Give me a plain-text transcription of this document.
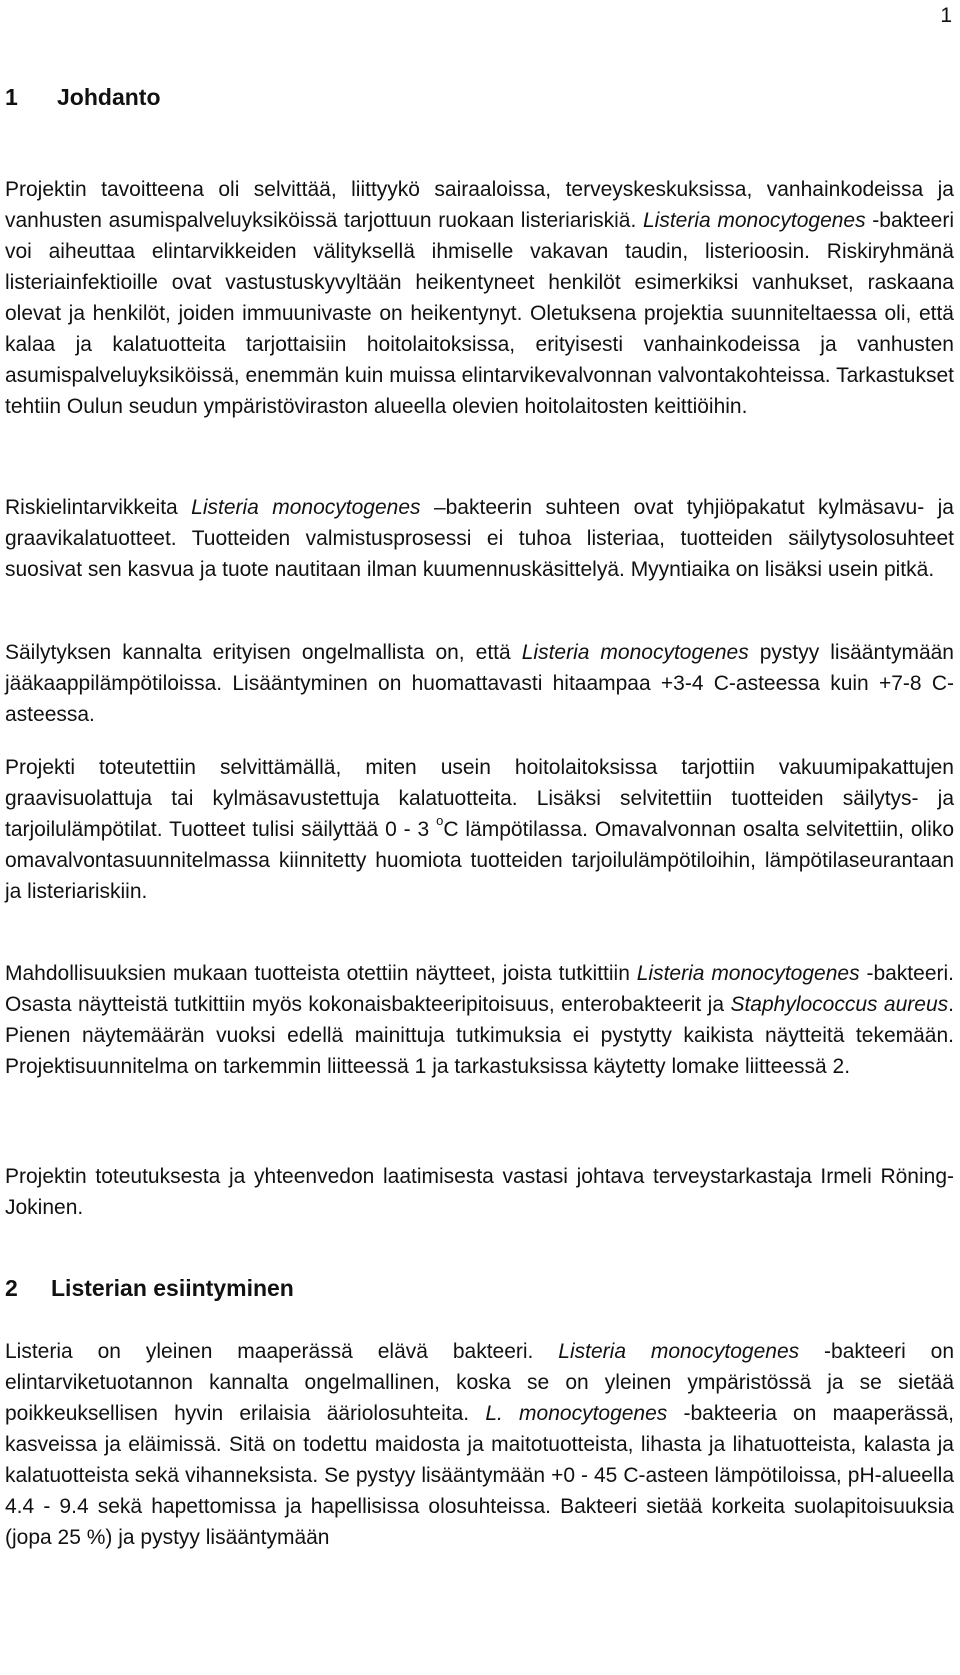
1
1	Johdanto

Projektin tavoitteena oli selvittää, liittyykö sairaaloissa, terveyskeskuksissa, vanhainkodeissa ja vanhusten asumispalveluyksiköissä tarjottuun ruokaan listeriariskiä. Listeria monocytogenes -bakteeri voi aiheuttaa elintarvikkeiden välityksellä ihmiselle vakavan taudin, listerioosin. Riskiryhmänä listeriainfektioille ovat vastustuskyvyltään heikentyneet henkilöt esimerkiksi vanhukset, raskaana olevat ja henkilöt, joiden immuunivaste on heikentynyt. Oletuksena projektia suunniteltaessa oli, että kalaa ja kalatuotteita tarjottaisiin hoitolaitoksissa, erityisesti vanhainkodeissa ja vanhusten asumispalveluyksiköissä, enemmän kuin muissa elintarvikevalvonnan valvontakohteissa. Tarkastukset tehtiin Oulun seudun ympäristöviraston alueella olevien hoitolaitosten keittiöihin.

Riskielintarvikkeita Listeria monocytogenes –bakteerin suhteen ovat tyhjiöpakatut kylmäsavu- ja graavikalatuotteet. Tuotteiden valmistusprosessi ei tuhoa listeriaa, tuotteiden säilytysolosuhteet suosivat sen kasvua ja tuote nautitaan ilman kuumennuskäsittelyä. Myyntiaika on lisäksi usein pitkä.

Säilytyksen kannalta erityisen ongelmallista on, että Listeria monocytogenes pystyy lisääntymään jääkaappilämpötiloissa. Lisääntyminen on huomattavasti hitaampaa +3-4 C-asteessa kuin +7-8 C-asteessa.

Projekti toteutettiin selvittämällä, miten usein hoitolaitoksissa tarjottiin vakuumipakattujen graavisuolattuja tai kylmäsavustettuja kalatuotteita. Lisäksi selvitettiin tuotteiden säilytys- ja tarjoilulämpötilat. Tuotteet tulisi säilyttää 0 - 3 $^o$C lämpötilassa. Omavalvonnan osalta selvitettiin, oliko omavalvontasuunnitelmassa kiinnitetty huomiota tuotteiden tarjoilulämpötiloihin, lämpötilaseurantaan ja listeriariskiin.

Mahdollisuuksien mukaan tuotteista otettiin näytteet, joista tutkittiin Listeria monocytogenes -bakteeri. Osasta näytteistä tutkittiin myös kokonaisbakteeripitoisuus, enterobakteerit ja Staphylococcus aureus. Pienen näytemäärän vuoksi edellä mainittuja tutkimuksia ei pystytty kaikista näytteitä tekemään. Projektisuunnitelma on tarkemmin liitteessä 1 ja tarkastuksissa käytetty lomake liitteessä 2.

Projektin toteutuksesta ja yhteenvedon laatimisesta vastasi johtava terveystarkastaja Irmeli Röning-Jokinen.

2	Listerian esiintyminen

Listeria on yleinen maaperässä elävä bakteeri. Listeria monocytogenes -bakteeri on elintarviketuotannon kannalta ongelmallinen, koska se on yleinen ympäristössä ja se sietää poikkeuksellisen hyvin erilaisia ääriolosuhteita. L. monocytogenes -bakteeria on maaperässä, kasveissa ja eläimissä. Sitä on todettu maidosta ja maitotuotteista, lihasta ja lihatuotteista, kalasta ja kalatuotteista sekä vihanneksista. Se pystyy lisääntymään +0 - 45 C-asteen lämpötiloissa, pH-alueella 4.4 - 9.4 sekä hapettomissa ja hapellisissa olosuhteissa. Bakteeri sietää korkeita suolapitoisuuksia (jopa 25 %) ja pystyy lisääntymään
